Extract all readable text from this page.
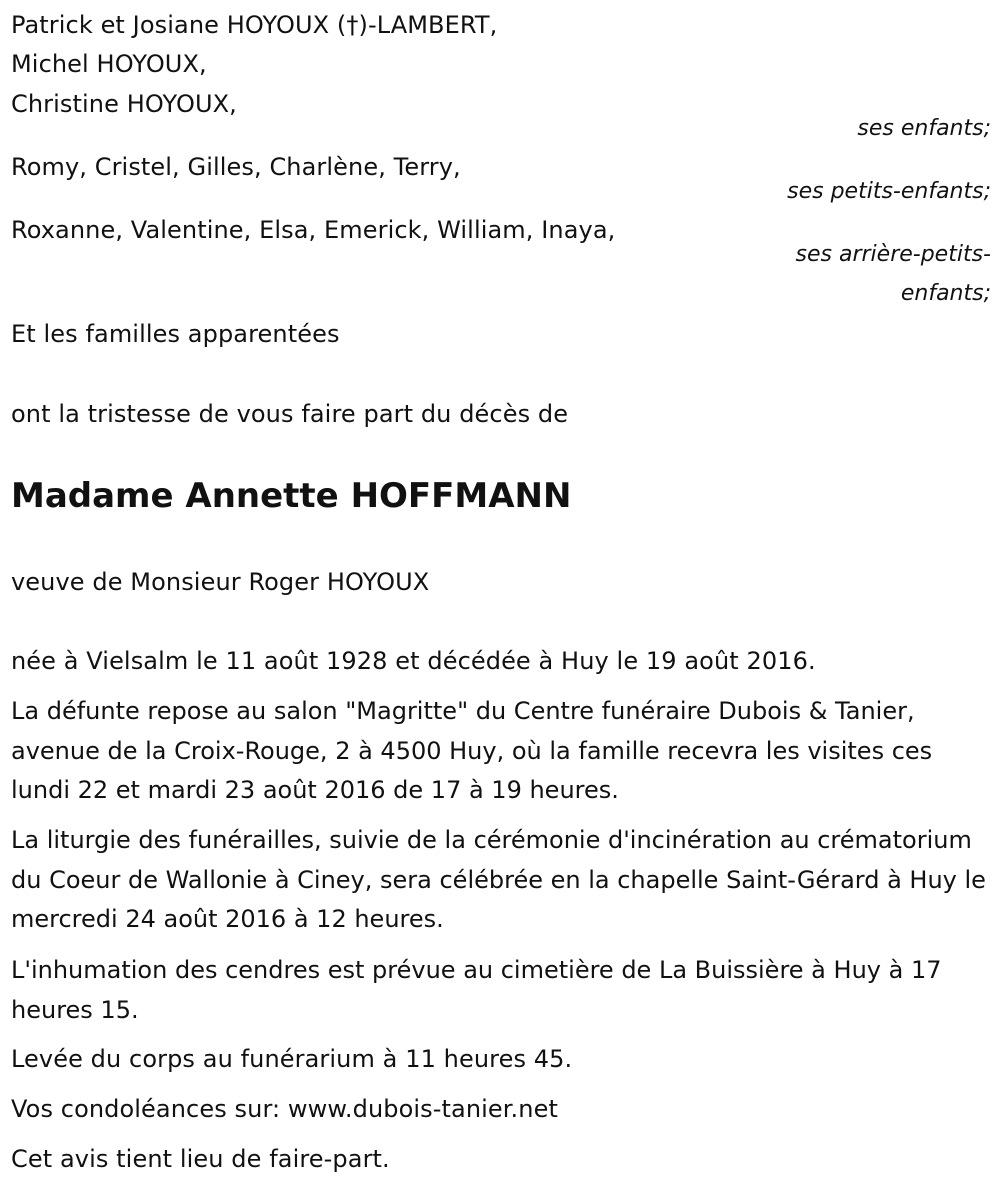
Patrick et Josiane HOYOUX (†)-LAMBERT,
Michel HOYOUX,
Christine HOYOUX,
ses enfants;
Romy, Cristel, Gilles, Charlène, Terry,
ses petits-enfants;
Roxanne, Valentine, Elsa, Emerick, William, Inaya,
ses arrière-petits-
enfants;
Et les familles apparentées
ont la tristesse de vous faire part du décès de
Madame Annette HOFFMANN
veuve de Monsieur Roger HOYOUX
née à Vielsalm le 11 août 1928 et décédée à Huy le 19 août 2016.
La défunte repose au salon "Magritte" du Centre funéraire Dubois & Tanier, avenue de la Croix-Rouge, 2 à 4500 Huy, où la famille recevra les visites ces lundi 22 et mardi 23 août 2016 de 17 à 19 heures.
La liturgie des funérailles, suivie de la cérémonie d'incinération au crématorium du Coeur de Wallonie à Ciney, sera célébrée en la chapelle Saint-Gérard à Huy le mercredi 24 août 2016 à 12 heures.
L'inhumation des cendres est prévue au cimetière de La Buissière à Huy à 17 heures 15.
Levée du corps au funérarium à 11 heures 45.
Vos condoléances sur: www.dubois-tanier.net
Cet avis tient lieu de faire-part.
